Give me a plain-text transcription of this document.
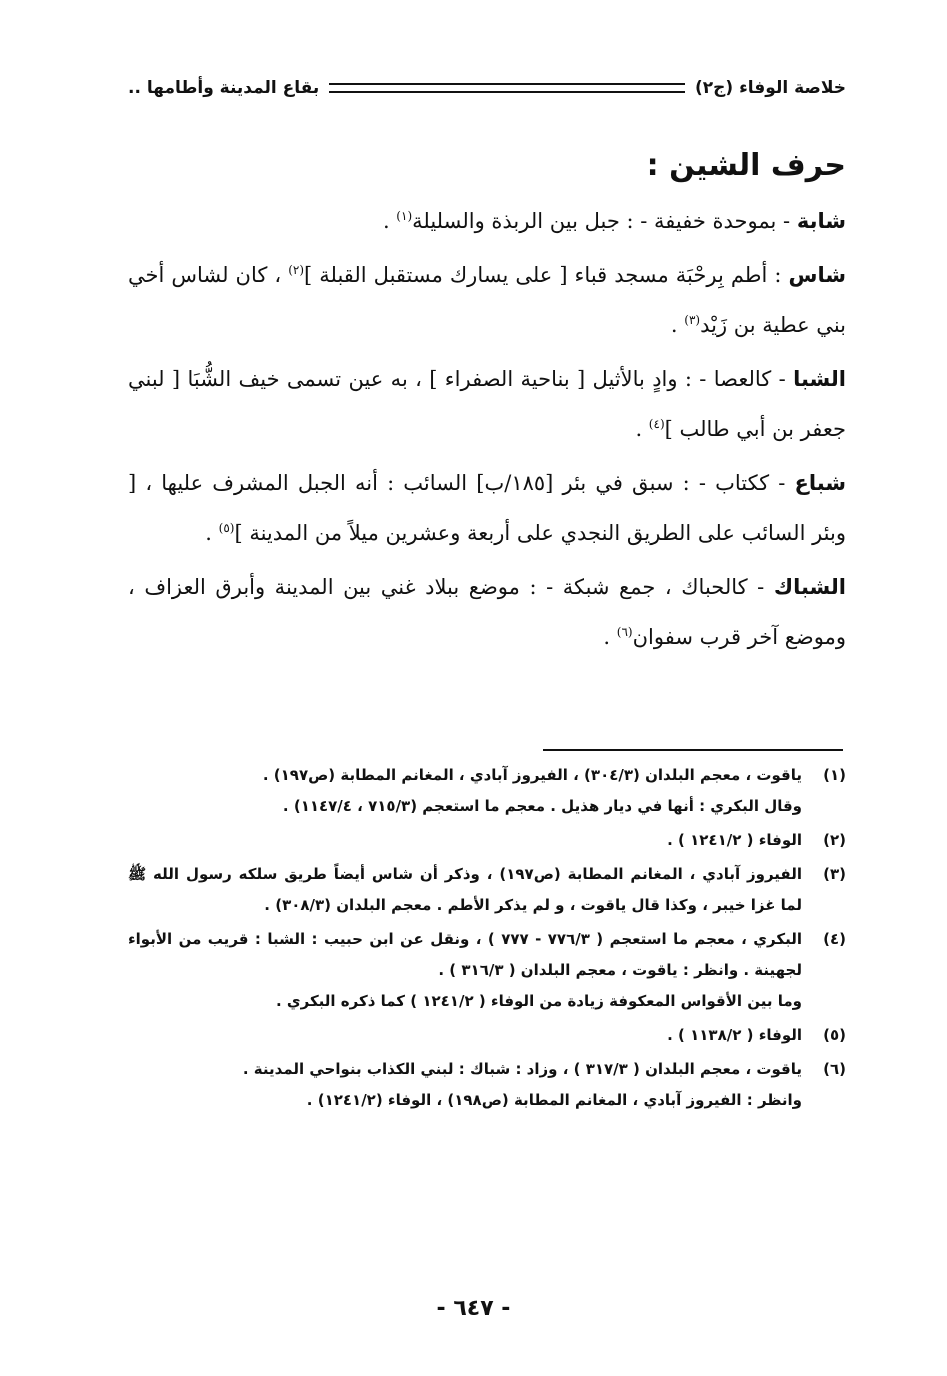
خلاصة الوفاء (ج٢)
بقاع المدينة وأطامها ..
حرف الشين :

شابة - بموحدة خفيفة - : جبل بين الربذة والسليلة$^{(١)}$ .

شاس : أطم بِرحْبَة مسجد قباء [ على يسارك مستقبل القبلة ]$^{(٢)}$ ، كان لشاس أخي بني عطية بن زَيْد$^{(٣)}$ .

الشبا - كالعصا - : وادٍ بالأثيل [ بناحية الصفراء ] ، به عين تسمى خيف الشُّبَا [ لبني جعفر بن أبي طالب ]$^{(٤)}$ .

شباع - ككتاب - : سبق في بئر [١٨٥/ب] السائب : أنه الجبل المشرف عليها ، [ وبئر السائب على الطريق النجدي على أربعة وعشرين ميلاً من المدينة ]$^{(٥)}$ .

الشباك - كالحباك ، جمع شبكة - : موضع ببلاد غني بين المدينة وأبرق العزاف ، وموضع آخر قرب سفوان$^{(٦)}$ .

(١)
ياقوت ، معجم البلدان (٣٠٤/٣) ، الفيروز آبادي ، المغانم المطابة (ص١٩٧) .
وقال البكري : أنها في ديار هذيل . معجم ما استعجم (٧١٥/٣ ، ١١٤٧/٤) .
(٢)
الوفاء ( ١٢٤١/٢ ) .
(٣)
الفيروز آبادي ، المغانم المطابة (ص١٩٧) ، وذكر أن شاس أيضاً طريق سلكه رسول الله ﷺ لما غزا خيبر ، وكذا قال ياقوت ، و لم يذكر الأطم . معجم البلدان (٣٠٨/٣) .
(٤)
البكري ، معجم ما استعجم ( ٧٧٦/٣ - ٧٧٧ ) ، ونقل عن ابن حبيب : الشبا : قريب من الأبواء لجهينة . وانظر : ياقوت ، معجم البلدان ( ٣١٦/٣ ) .
وما بين الأقواس المعكوفة زيادة من الوفاء ( ١٢٤١/٢ ) كما ذكره البكري .
(٥)
الوفاء ( ١١٣٨/٢ ) .
(٦)
ياقوت ، معجم البلدان ( ٣١٧/٣ ) ، وزاد : شباك : لبني الكذاب بنواحي المدينة .
وانظر : الفيروز آبادي ، المغانم المطابة (ص١٩٨) ، الوفاء (١٢٤١/٢) .
- ٦٤٧ -
